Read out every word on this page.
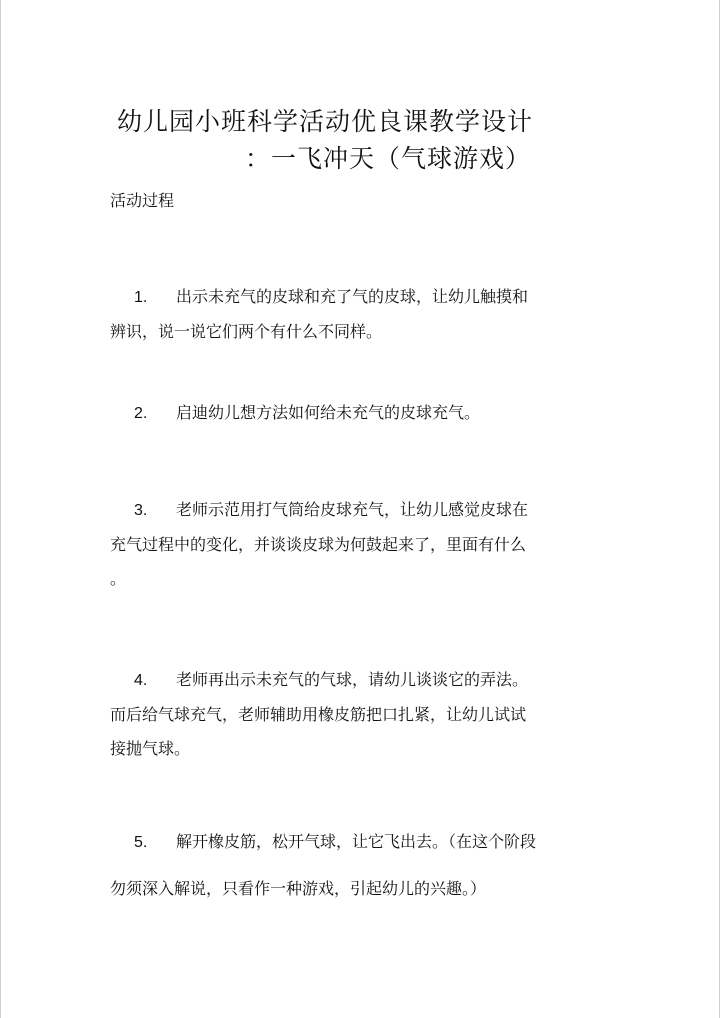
幼儿园小班科学活动优良课教学设计
：一飞冲天（气球游戏）
活动过程
1. 出示未充气的皮球和充了气的皮球，让幼儿触摸和
辨识，说一说它们两个有什么不同样。
2. 启迪幼儿想方法如何给未充气的皮球充气。
3. 老师示范用打气筒给皮球充气，让幼儿感觉皮球在
充气过程中的变化，并谈谈皮球为何鼓起来了，里面有什么
。
4. 老师再出示未充气的气球，请幼儿谈谈它的弄法。
而后给气球充气，老师辅助用橡皮筋把口扎紧，让幼儿试试
接抛气球。
5. 解开橡皮筋，松开气球，让它飞出去。（在这个阶段
勿须深入解说，只看作一种游戏，引起幼儿的兴趣。）
